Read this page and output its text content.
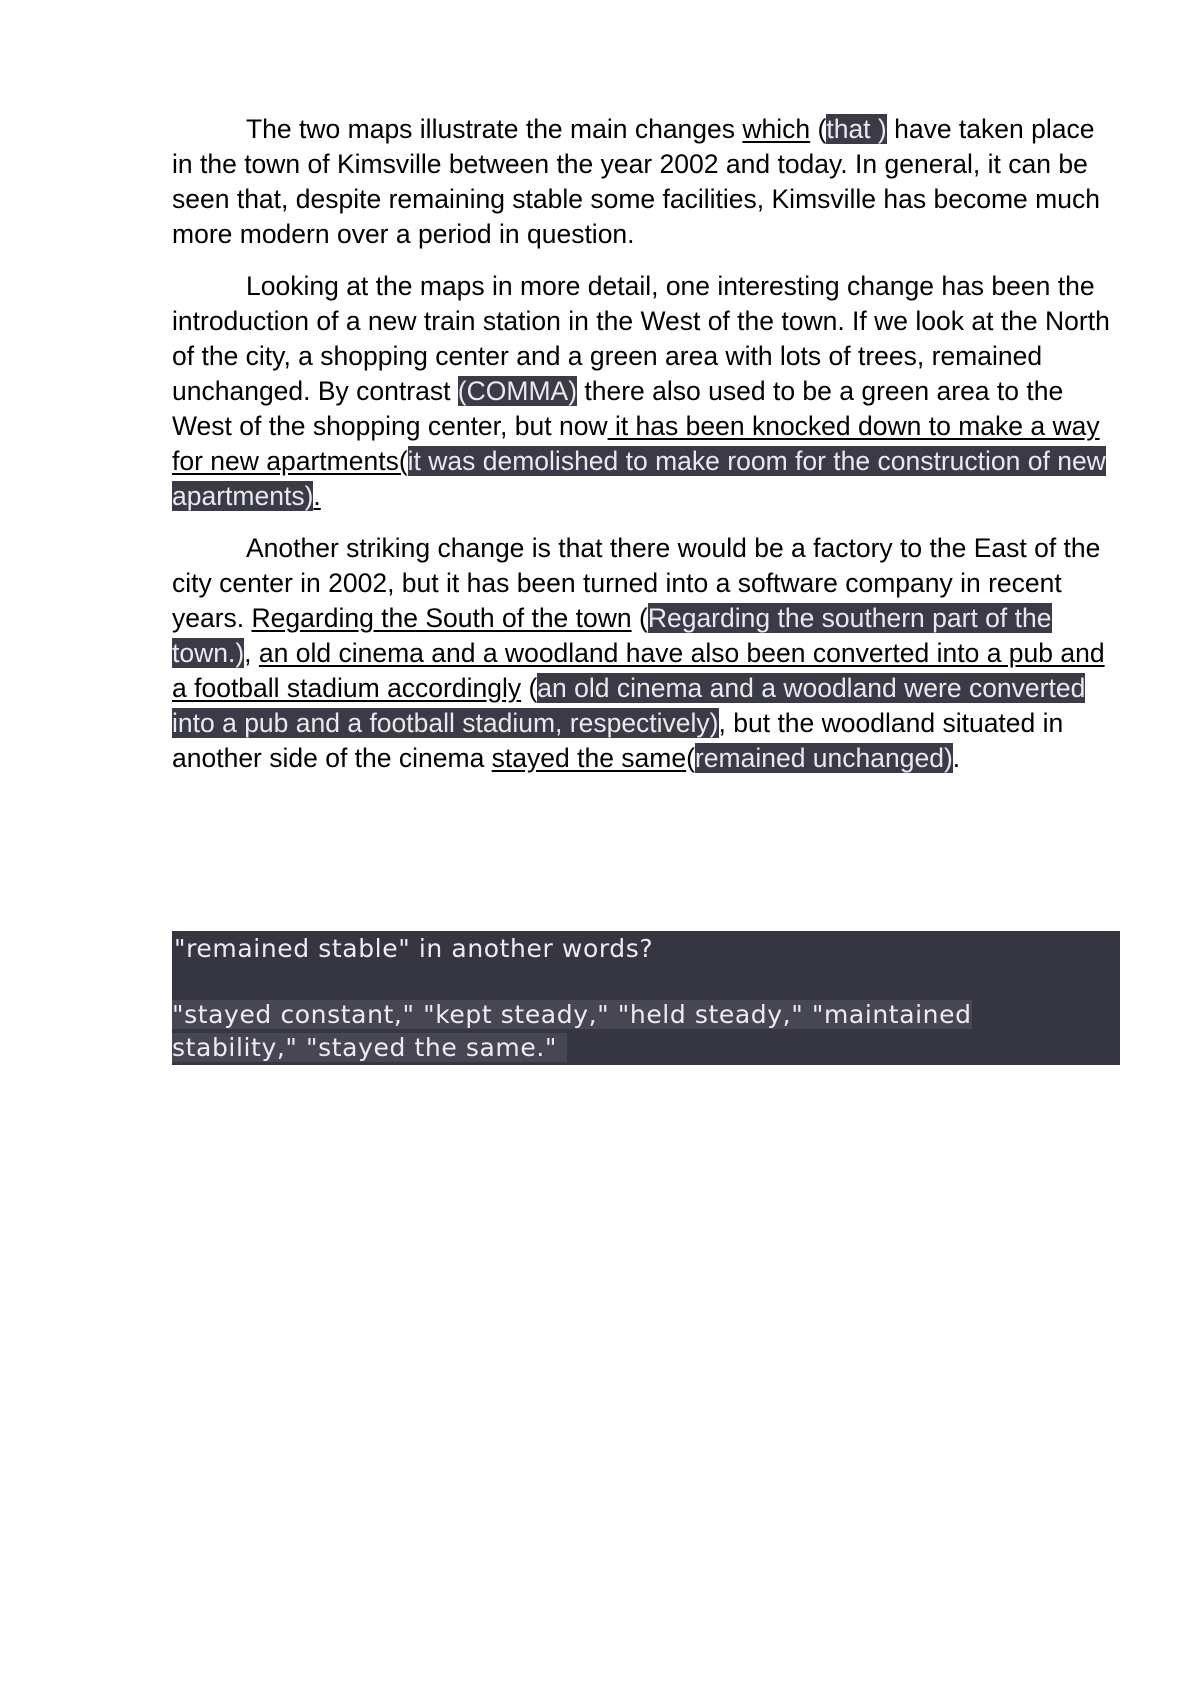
The two maps illustrate the main changes which (that ) have taken place in the town of Kimsville between the year 2002 and today. In general, it can be seen that, despite remaining stable some facilities, Kimsville has become much more modern over a period in question.

Looking at the maps in more detail, one interesting change has been the introduction of a new train station in the West of the town. If we look at the North of the city, a shopping center and a green area with lots of trees, remained unchanged. By contrast (COMMA) there also used to be a green area to the West of the shopping center, but now it has been knocked down to make a way for new apartments(it was demolished to make room for the construction of new apartments).

Another striking change is that there would be a factory to the East of the city center in 2002, but it has been turned into a software company in recent years. Regarding the South of the town (Regarding the southern part of the town.), an old cinema and a woodland have also been converted into a pub and a football stadium accordingly (an old cinema and a woodland were converted into a pub and a football stadium, respectively), but the woodland situated in another side of the cinema stayed the same(remained unchanged).

"remained stable" in another words?
"stayed constant," "kept steady," "held steady," "maintained stability," "stayed the same."
